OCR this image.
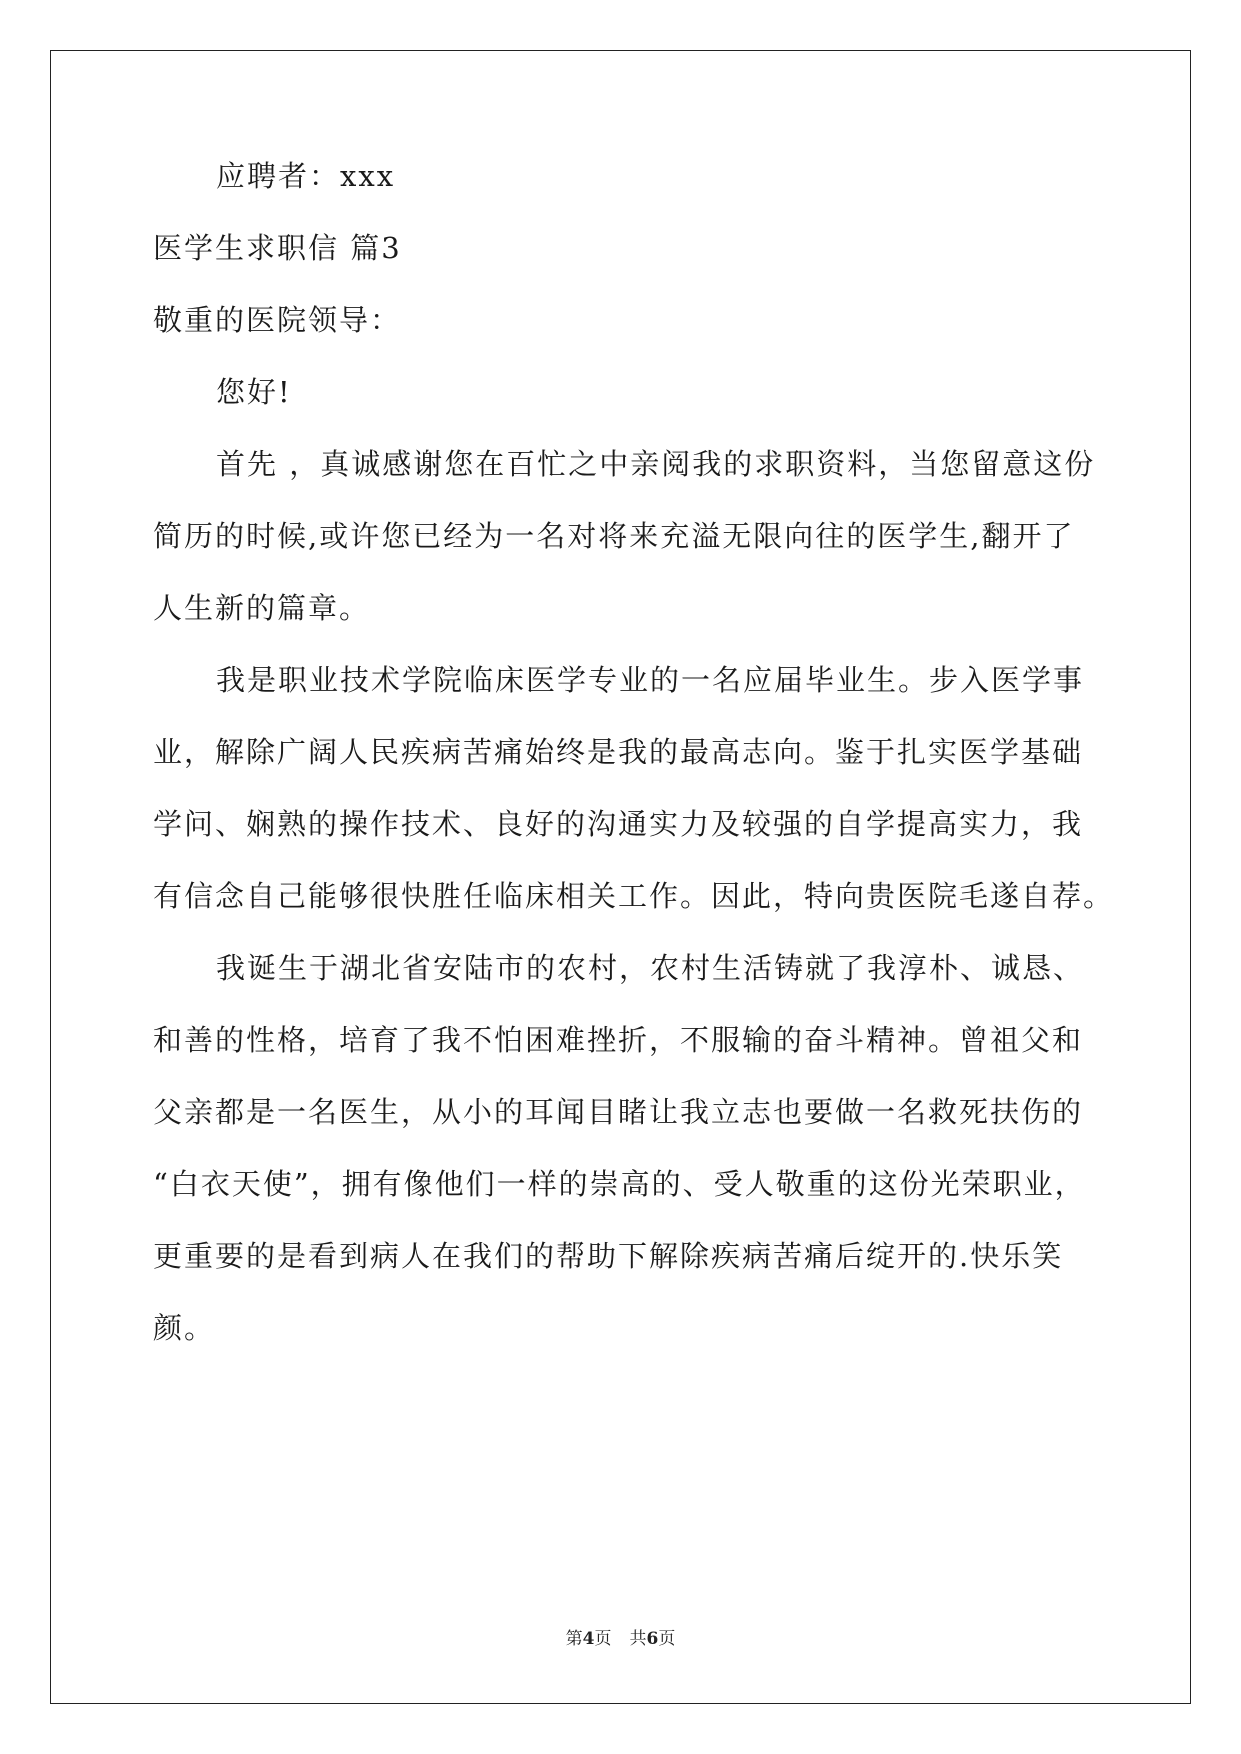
应聘者：xxx
医学生求职信 篇3
敬重的医院领导：
您好!
首先 ，真诚感谢您在百忙之中亲阅我的求职资料，当您留意这份
简历的时候,或许您已经为一名对将来充溢无限向往的医学生,翻开了
人生新的篇章。
我是职业技术学院临床医学专业的一名应届毕业生。步入医学事
业，解除广阔人民疾病苦痛始终是我的最高志向。鉴于扎实医学基础
学问、娴熟的操作技术、良好的沟通实力及较强的自学提高实力，我
有信念自己能够很快胜任临床相关工作。因此，特向贵医院毛遂自荐。
我诞生于湖北省安陆市的农村，农村生活铸就了我淳朴、诚恳、
和善的性格，培育了我不怕困难挫折，不服输的奋斗精神。曾祖父和
父亲都是一名医生，从小的耳闻目睹让我立志也要做一名救死扶伤的
“白衣天使”，拥有像他们一样的崇高的、受人敬重的这份光荣职业，
更重要的是看到病人在我们的帮助下解除疾病苦痛后绽开的.快乐笑
颜。
第4页 共6页
